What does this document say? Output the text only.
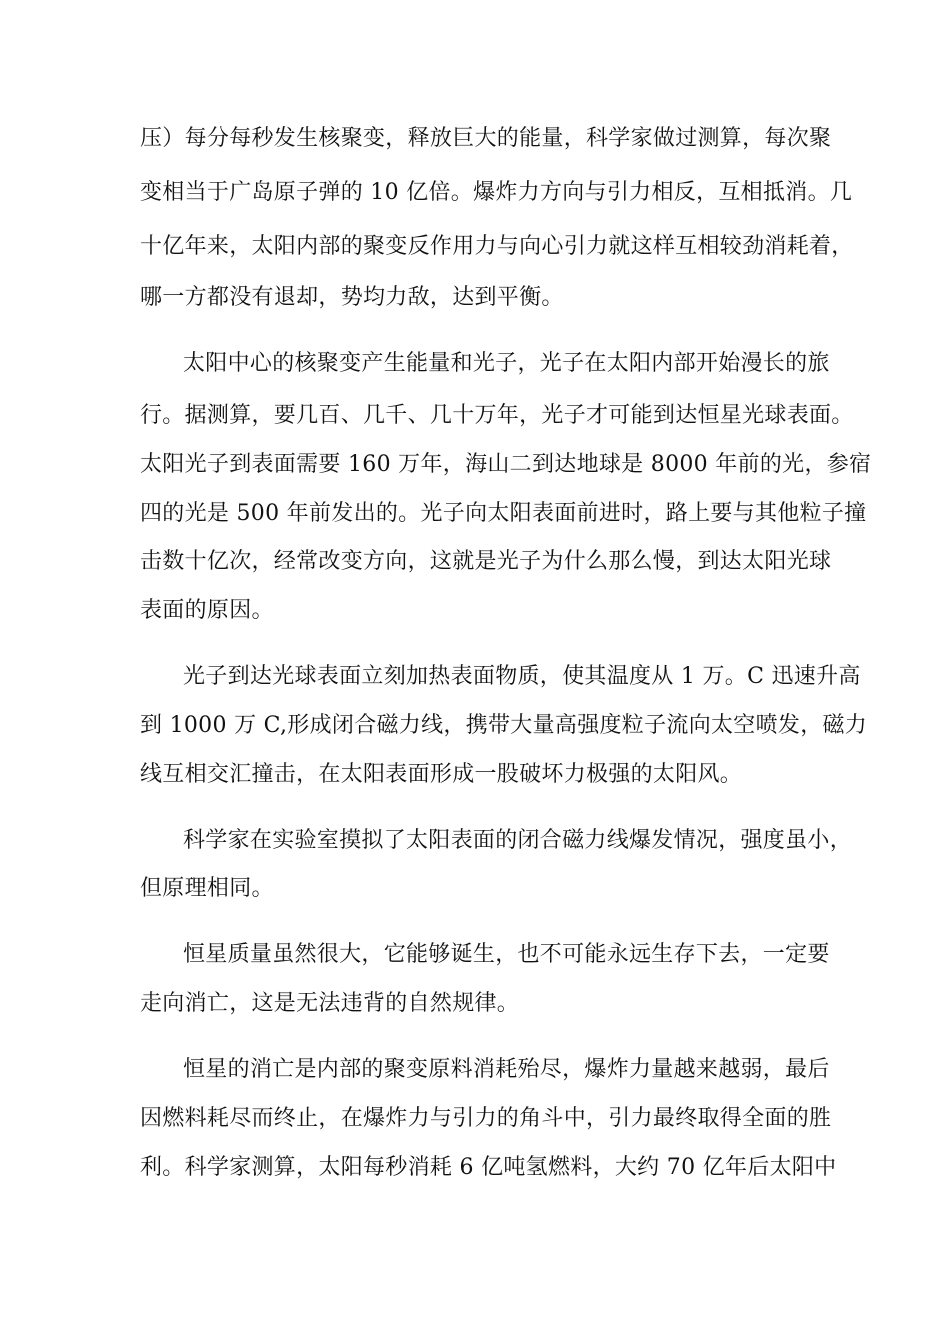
压）每分每秒发生核聚变，释放巨大的能量，科学家做过测算，每次聚
变相当于广岛原子弹的 10 亿倍。爆炸力方向与引力相反，互相抵消。几
十亿年来，太阳内部的聚变反作用力与向心引力就这样互相较劲消耗着，
哪一方都没有退却，势均力敌，达到平衡。
太阳中心的核聚变产生能量和光子，光子在太阳内部开始漫长的旅
行。据测算，要几百、几千、几十万年，光子才可能到达恒星光球表面。
太阳光子到表面需要 160 万年，海山二到达地球是 8000 年前的光，参宿
四的光是 500 年前发出的。光子向太阳表面前进时，路上要与其他粒子撞
击数十亿次，经常改变方向，这就是光子为什么那么慢，到达太阳光球
表面的原因。
光子到达光球表面立刻加热表面物质，使其温度从 1 万。C 迅速升高
到 1000 万 C,形成闭合磁力线，携带大量高强度粒子流向太空喷发，磁力
线互相交汇撞击，在太阳表面形成一股破坏力极强的太阳风。
科学家在实验室摸拟了太阳表面的闭合磁力线爆发情况，强度虽小，
但原理相同。
恒星质量虽然很大，它能够诞生，也不可能永远生存下去，一定要
走向消亡，这是无法违背的自然规律。
恒星的消亡是内部的聚变原料消耗殆尽，爆炸力量越来越弱，最后
因燃料耗尽而终止，在爆炸力与引力的角斗中，引力最终取得全面的胜
利。科学家测算，太阳每秒消耗 6 亿吨氢燃料，大约 70 亿年后太阳中
